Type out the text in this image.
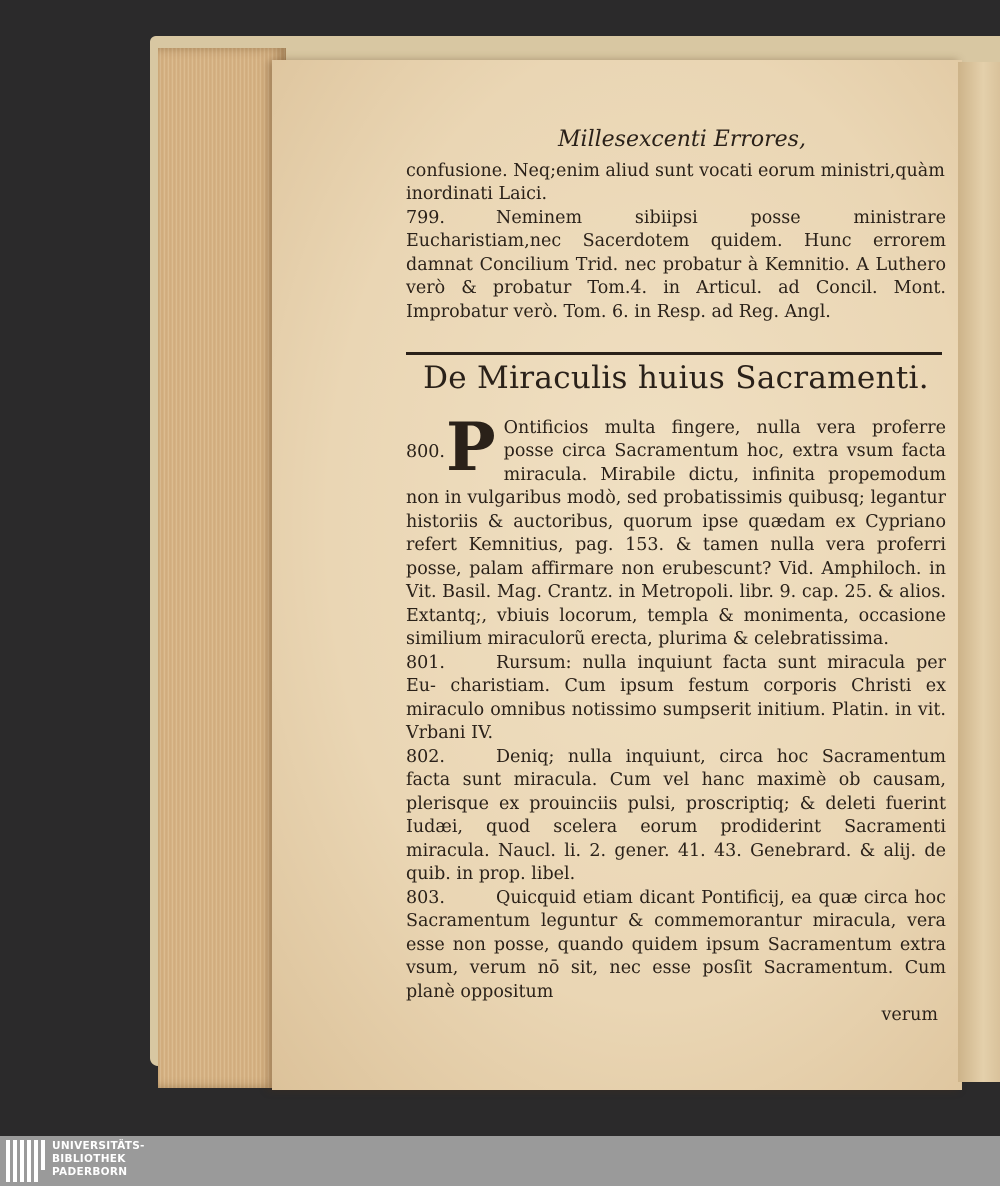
Millesexcenti Errores,

confusione. Neq;enim aliud sunt vocati eorum ministri,quàm

inordinati Laici.

799.	Neminem sibiipsi posse ministrare Eucharistiam,nec Sacerdotem quidem. Hunc errorem damnat Concilium Trid. nec probatur à Kemnitio. A Luthero verò & probatur Tom.4. in Articul. ad Concil. Mont. Improbatur verò. Tom. 6. in Resp. ad Reg. Angl.

De Miraculis huius Sacramenti.
800. P Ontificios multa fingere, nulla vera proferre posse circa Sacramentum hoc, extra vsum facta miracula. Mirabile dictu, infinita propemodum non in vulgaribus modò, sed probatissimis quibusq; legantur historiis & auctoribus, quorum ipse quædam ex Cypriano refert Kemnitius, pag. 153. & tamen nulla vera proferri posse, palam affirmare non erubescunt? Vid. Amphiloch. in Vit. Basil. Mag. Crantz. in Metropoli. libr. 9. cap. 25. & alios. Extantq;, vbiuis locorum, templa & monimenta, occasione similium miraculorũ erecta, plurima & celebratissima.

801.	Rursum: nulla inquiunt facta sunt miracula per Eu- charistiam. Cum ipsum festum corporis Christi ex miraculo omnibus notissimo sumpserit initium. Platin. in vit. Vrbani IV.

802.	Deniq; nulla inquiunt, circa hoc Sacramentum facta sunt miracula. Cum vel hanc maximè ob causam, plerisque ex prouinciis pulsi, proscriptiq; & deleti fuerint Iudæi, quod scelera eorum prodiderint Sacramenti miracula. Naucl. li. 2. gener. 41. 43. Genebrard. & alij. de quib. in prop. libel.

803.	Quicquid etiam dicant Pontificij, ea quæ circa hoc Sacramentum leguntur & commemorantur miracula, vera esse non posse, quando quidem ipsum Sacramentum extra vsum, verum nō sit, nec esse posſit Sacramentum. Cum planè oppositum

verum
UNIVERSITÄTS-
BIBLIOTHEK
PADERBORN
